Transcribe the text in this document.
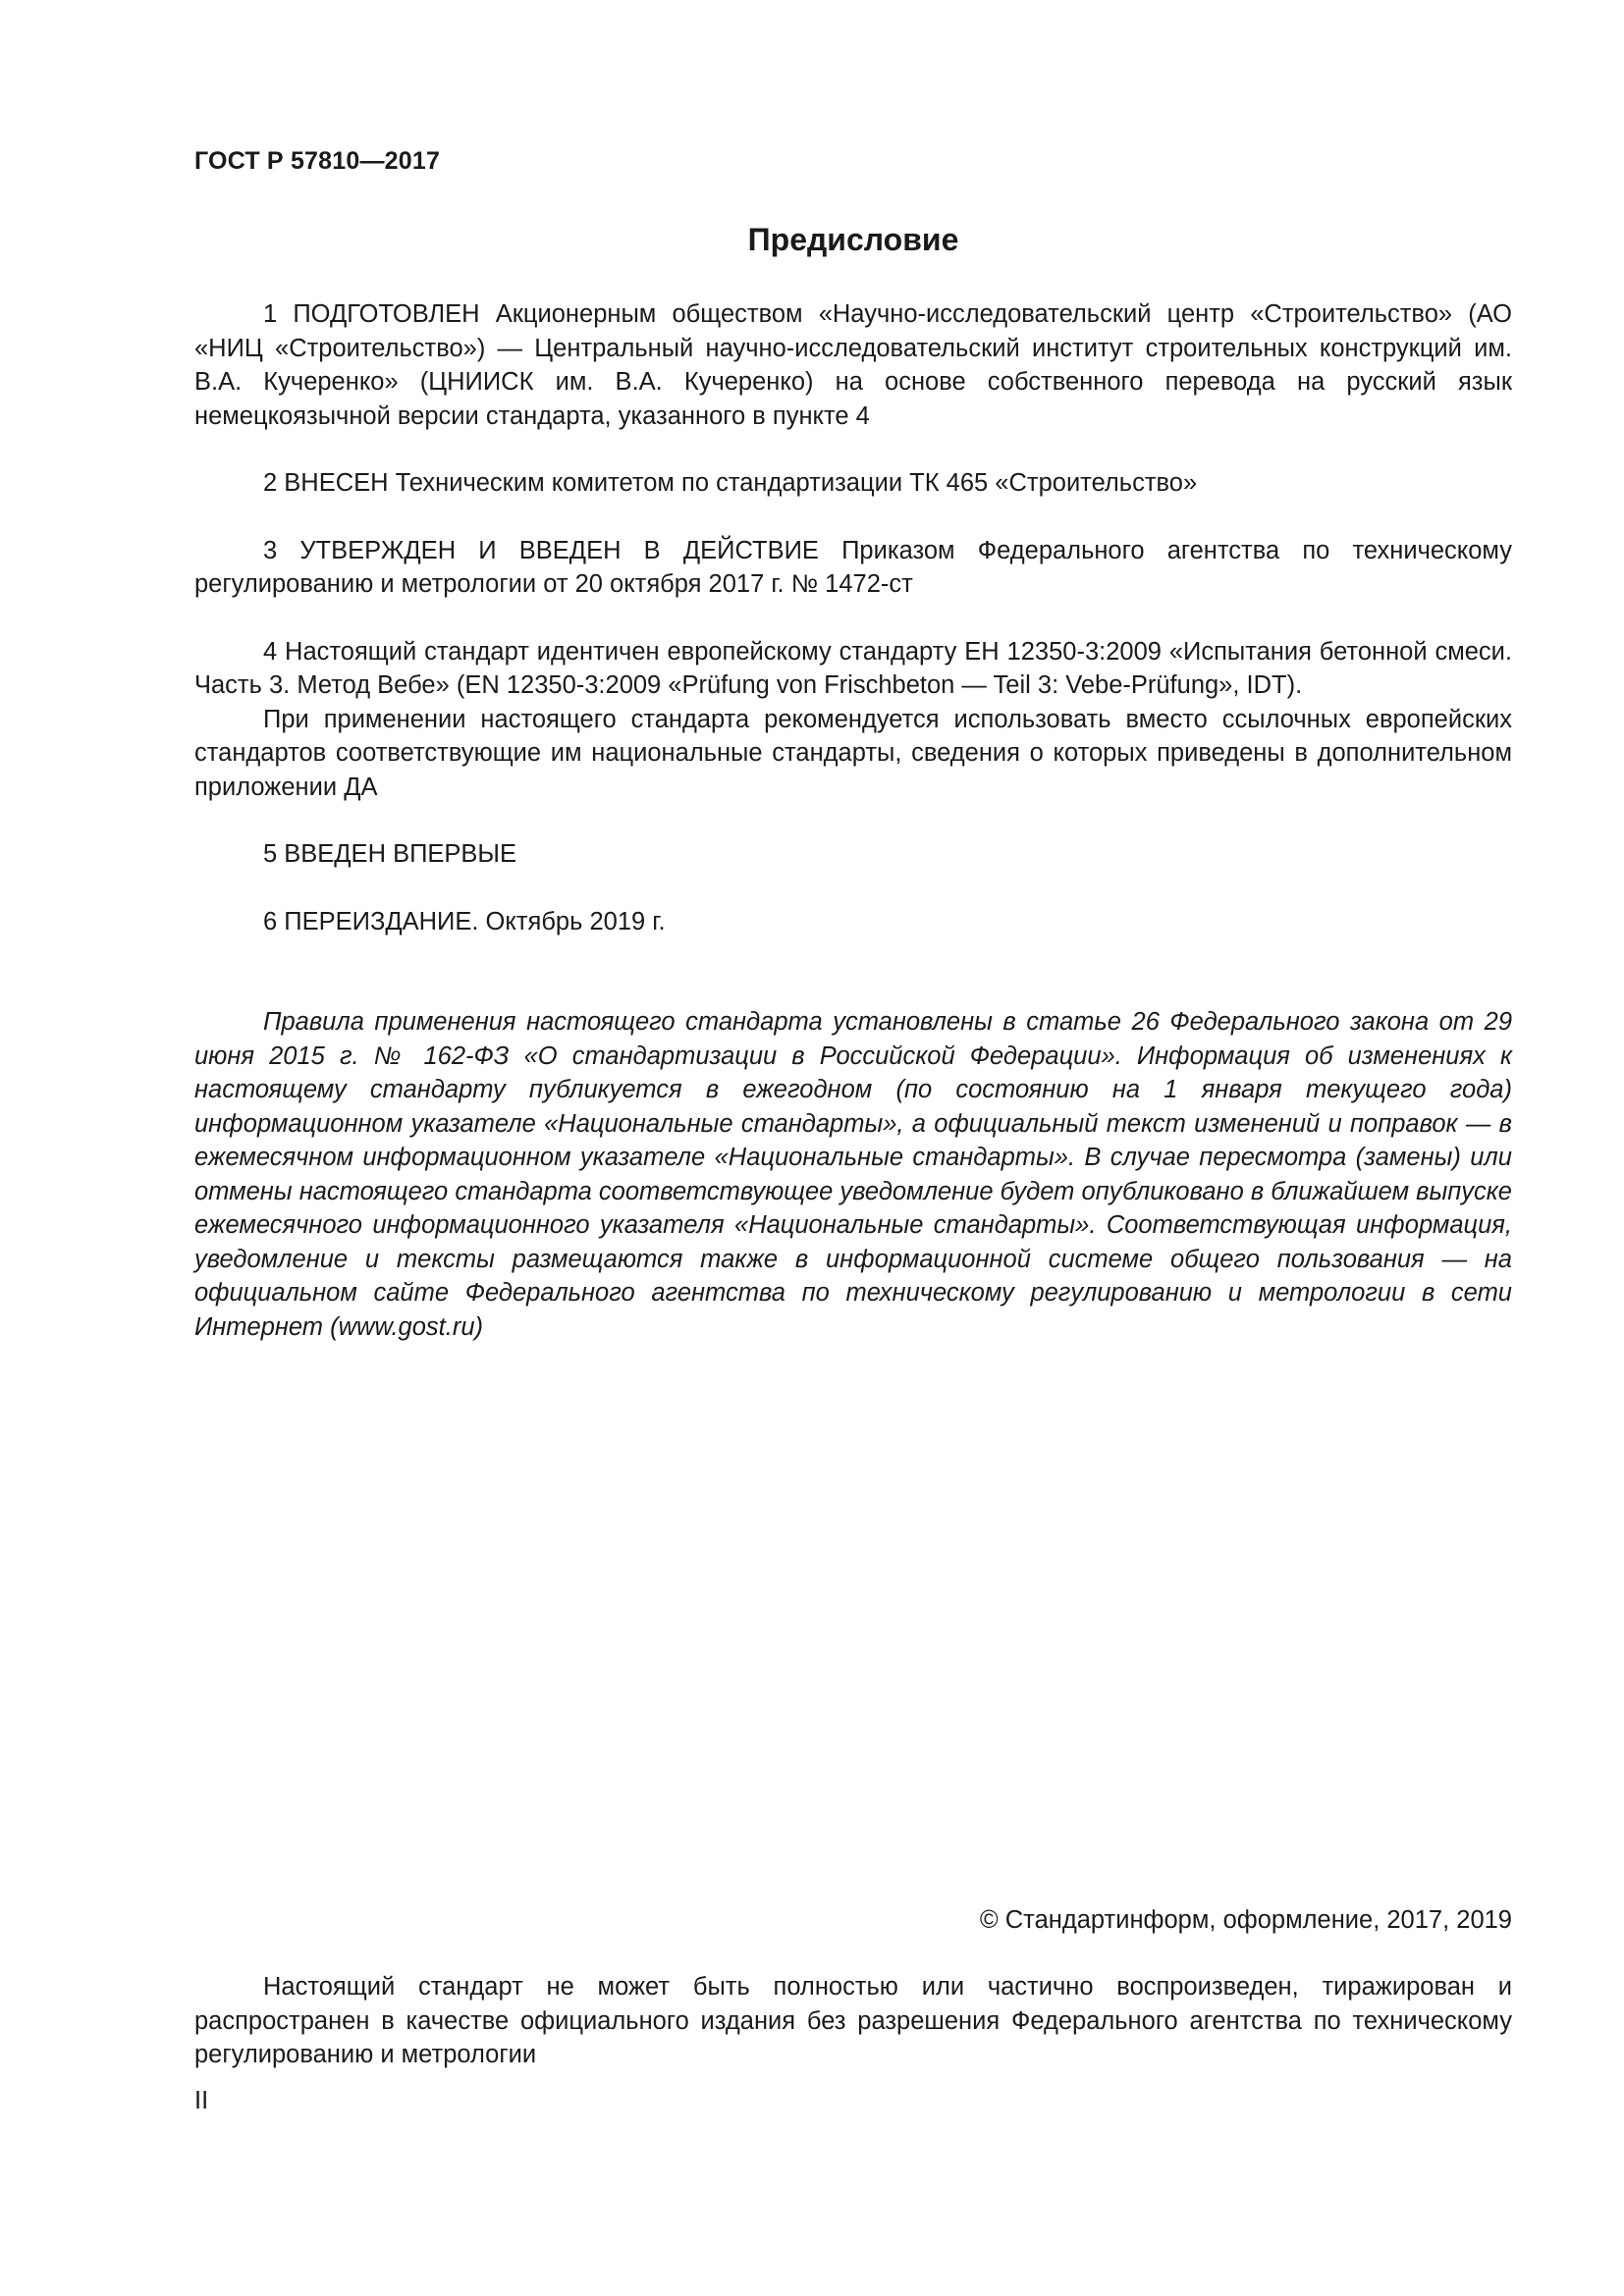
ГОСТ Р 57810—2017
Предисловие

1 ПОДГОТОВЛЕН Акционерным обществом «Научно-исследовательский центр «Строительство» (АО «НИЦ «Строительство») — Центральный научно-исследовательский институт строительных конструкций им. В.А. Кучеренко» (ЦНИИСК им. В.А. Кучеренко) на основе собственного перевода на русский язык немецкоязычной версии стандарта, указанного в пункте 4

2 ВНЕСЕН Техническим комитетом по стандартизации ТК 465 «Строительство»

3 УТВЕРЖДЕН И ВВЕДЕН В ДЕЙСТВИЕ Приказом Федерального агентства по техническому регулированию и метрологии от 20 октября 2017 г. № 1472-ст

4 Настоящий стандарт идентичен европейскому стандарту ЕН 12350-3:2009 «Испытания бетонной смеси. Часть 3. Метод Вебе» (EN 12350-3:2009 «Prüfung von Frischbeton — Teil 3: Vebe-Prüfung», IDT).

При применении настоящего стандарта рекомендуется использовать вместо ссылочных европейских стандартов соответствующие им национальные стандарты, сведения о которых приведены в дополнительном приложении ДА

5 ВВЕДЕН ВПЕРВЫЕ

6 ПЕРЕИЗДАНИЕ. Октябрь 2019 г.

Правила применения настоящего стандарта установлены в статье 26 Федерального закона от 29 июня 2015 г. № 162-ФЗ «О стандартизации в Российской Федерации». Информация об изменениях к настоящему стандарту публикуется в ежегодном (по состоянию на 1 января текущего года) информационном указателе «Национальные стандарты», а официальный текст изменений и поправок — в ежемесячном информационном указателе «Национальные стандарты». В случае пересмотра (замены) или отмены настоящего стандарта соответствующее уведомление будет опубликовано в ближайшем выпуске ежемесячного информационного указателя «Национальные стандарты». Соответствующая информация, уведомление и тексты размещаются также в информационной системе общего пользования — на официальном сайте Федерального агентства по техническому регулированию и метрологии в сети Интернет (www.gost.ru)

© Стандартинформ, оформление, 2017, 2019

Настоящий стандарт не может быть полностью или частично воспроизведен, тиражирован и распространен в качестве официального издания без разрешения Федерального агентства по техническому регулированию и метрологии

II
